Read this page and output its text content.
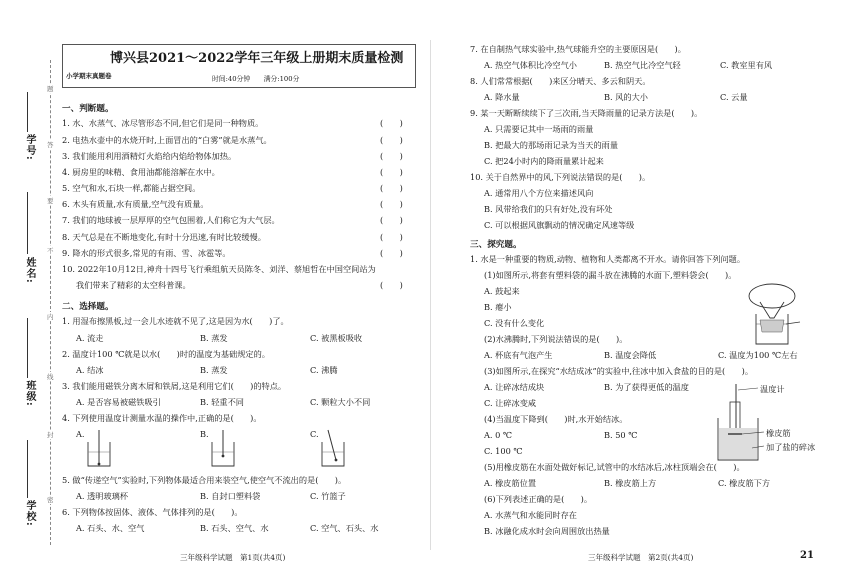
学号:
姓名:
班级:
学校:
题
答
要
不
内
线
封
密
博兴县2021～2022学年三年级上册期末质量检测
小学期末真题卷	时间:40分钟　　满分:100分
一、判断题。
1. 水、水蒸气、冰尽管形态不同,但它们是同一种物质。	(　　)
2. 电热水壶中的水烧开时,上面冒出的“白雾”就是水蒸气。	(　　)
3. 我们能用利用酒精灯火焰给内焰给物体加热。	(　　)
4. 厨房里的味精、食用油都能溶解在水中。	(　　)
5. 空气和水,石块一样,都能占据空间。	(　　)
6. 木头有质量,水有质量,空气没有质量。	(　　)
7. 我们的地球被一层厚厚的空气包围着,人们称它为大气层。	(　　)
8. 天气总是在不断地变化,有时十分迅速,有时比较缓慢。	(　　)
9. 降水的形式很多,常见的有雨、雪、冰雹等。	(　　)
10. 2022年10月12日,神舟十四号飞行乘组航天员陈冬、刘洋、蔡旭哲在中国空间站为
我们带来了精彩的太空科普课。	(　　)
二、选择题。
1. 用湿布擦黑板,过一会儿水迹就不见了,这是因为水(　　)了。
A. 流走	B. 蒸发	C. 被黑板吸收
2. 温度计100 ℃就是以水(　　)时的温度为基础规定的。
A. 结冰	B. 蒸发	C. 沸腾
3. 我们能用磁铁分离木屑和铁屑,这是利用它们(　　)的特点。
A. 是否容易被磁铁吸引	B. 轻重不同	C. 颗粒大小不同
4. 下列使用温度计测量水温的操作中,正确的是(　　)。
A.	B.	C.
5. 做“传递空气”实验时,下列物体最适合用来装空气,使空气不流出的是(　　)。
A. 透明玻璃杯	B. 自封口塑料袋	C. 竹篮子
6. 下列物体按固体、液体、气体排列的是(　　)。
A. 石头、水、空气	B. 石头、空气、水	C. 空气、石头、水
7. 在自制热气球实验中,热气球能升空的主要原因是(　　)。
A. 热空气体积比冷空气小	B. 热空气比冷空气轻	C. 教室里有风
8. 人们常常根据(　　)来区分晴天、多云和阴天。
A. 降水量	B. 风的大小	C. 云量
9. 某一天断断续续下了三次雨,当天降雨量的记录方法是(　　)。
A. 只需要记其中一场雨的雨量
B. 把最大的那场雨记录为当天的雨量
C. 把24小时内的降雨量累计起来
10. 关于自然界中的风,下列说法错误的是(　　)。
A. 通常用八个方位来描述风向
B. 风带给我们的只有好处,没有坏处
C. 可以根据风旗飘动的情况确定风速等级
三、探究题。
1. 水是一种重要的物质,动物、植物和人类都离不开水。请你回答下列问题。
(1)如图所示,将套有塑料袋的漏斗放在沸腾的水面下,塑料袋会(　　)。
A. 鼓起来
B. 瘪小
C. 没有什么变化
(2)水沸腾时,下列说法错误的是(　　)。
A. 杯底有气泡产生	B. 温度会降低	C. 温度为100 ℃左右
(3)如图所示,在探究“水结成冰”的实验中,往冰中加入食盐的目的是(　　)。
A. 让碎冰结成块	B. 为了获得更低的温度
C. 让碎冰变咸
(4)当温度下降到(　　)时,水开始结冰。
A. 0 ℃	B. 50 ℃
C. 100 ℃
温度计
橡皮筋
加了盐的碎冰
(5)用橡皮筋在水面处做好标记,试管中的水结冰后,冰柱顶端会在(　　)。
A. 橡皮筋位置	B. 橡皮筋上方	C. 橡皮筋下方
(6)下列表述正确的是(　　)。
A. 水蒸气和水能同时存在
B. 冰融化成水时会向周围放出热量
三年级科学试题　第1页(共4页)	三年级科学试题　第2页(共4页)	21
